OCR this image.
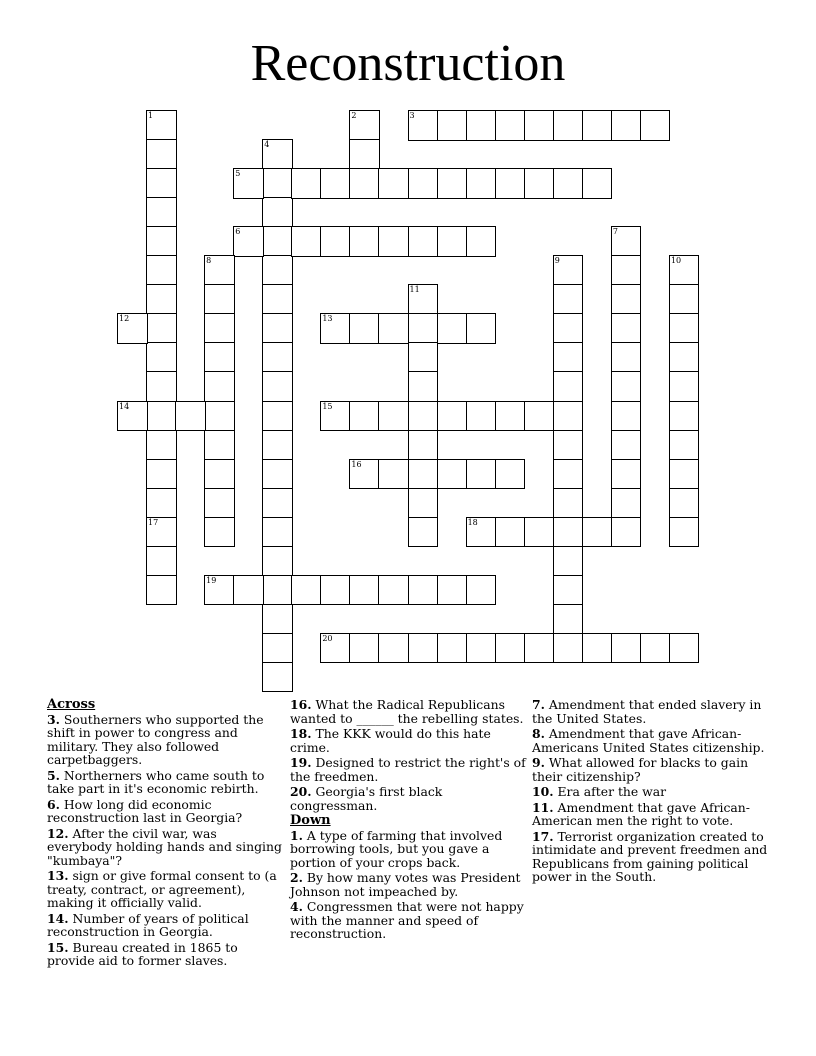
Reconstruction
1
17
2	3
4
5
6	7
8	9	10
11
12	13
14	15
16
18
19
20
Across
3. Southerners who supported the shift in power to congress and military. They also followed carpetbaggers.
5. Northerners who came south to take part in it's economic rebirth.
6. How long did economic reconstruction last in Georgia?
12. After the civil war, was everybody holding hands and singing "kumbaya"?
13. sign or give formal consent to (a treaty, contract, or agreement), making it officially valid.
14. Number of years of political reconstruction in Georgia.
15. Bureau created in 1865 to provide aid to former slaves.
16. What the Radical Republicans wanted to ______ the rebelling states.
18. The KKK would do this hate crime.
19. Designed to restrict the right's of the freedmen.
20. Georgia's first black congressman.
Down
1. A type of farming that involved borrowing tools, but you gave a portion of your crops back.
2. By how many votes was President Johnson not impeached by.
4. Congressmen that were not happy with the manner and speed of reconstruction.
7. Amendment that ended slavery in the United States.
8. Amendment that gave African-Americans United States citizenship.
9. What allowed for blacks to gain their citizenship?
10. Era after the war
11. Amendment that gave African-American men the right to vote.
17. Terrorist organization created to intimidate and prevent freedmen and Republicans from gaining political power in the South.
